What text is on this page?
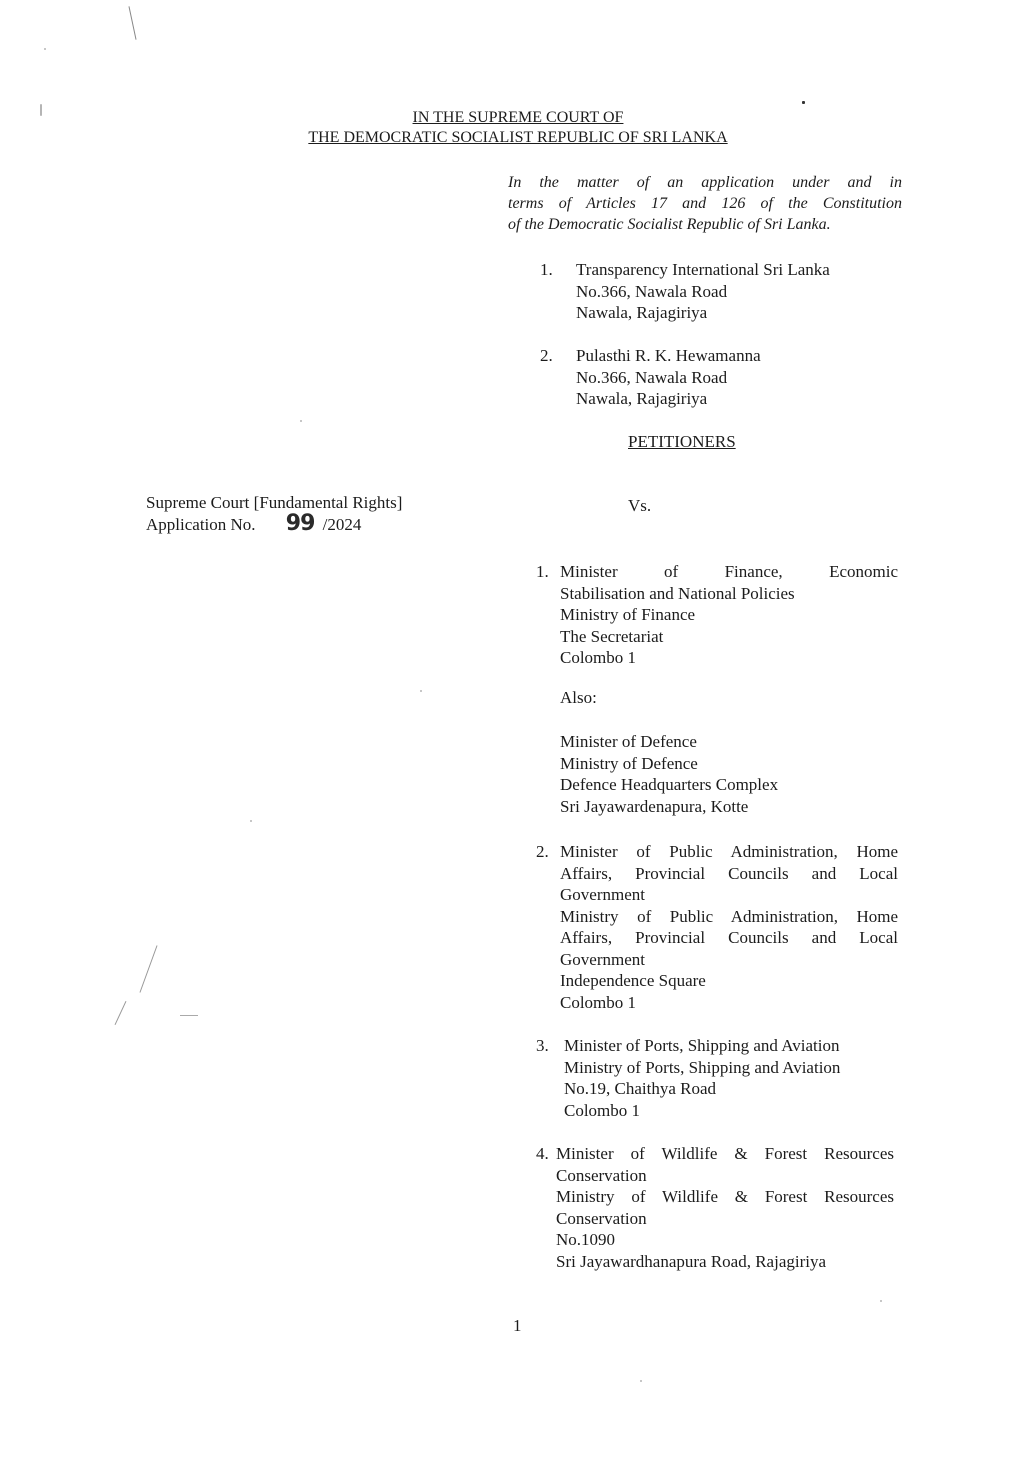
IN THE SUPREME COURT OF
THE DEMOCRATIC SOCIALIST REPUBLIC OF SRI LANKA
In the matter of an application under and in
terms of Articles 17 and 126 of the Constitution
of the Democratic Socialist Republic of Sri Lanka.
1. Transparency International Sri Lanka
No.366, Nawala Road
Nawala, Rajagiriya
2. Pulasthi R. K. Hewamanna
No.366, Nawala Road
Nawala, Rajagiriya
PETITIONERS
Supreme Court [Fundamental Rights]
Application No. 99 /2024
Vs.
1. Minister of Finance, Economic
Stabilisation and National Policies
Ministry of Finance
The Secretariat
Colombo 1
Also:
Minister of Defence
Ministry of Defence
Defence Headquarters Complex
Sri Jayawardenapura, Kotte
2. Minister of Public Administration, Home
Affairs, Provincial Councils and Local
Government
Ministry of Public Administration, Home
Affairs, Provincial Councils and Local
Government
Independence Square
Colombo 1
3. Minister of Ports, Shipping and Aviation
Ministry of Ports, Shipping and Aviation
No.19, Chaithya Road
Colombo 1
4. Minister of Wildlife & Forest Resources
Conservation
Ministry of Wildlife & Forest Resources
Conservation
No.1090
Sri Jayawardhanapura Road, Rajagiriya
1
